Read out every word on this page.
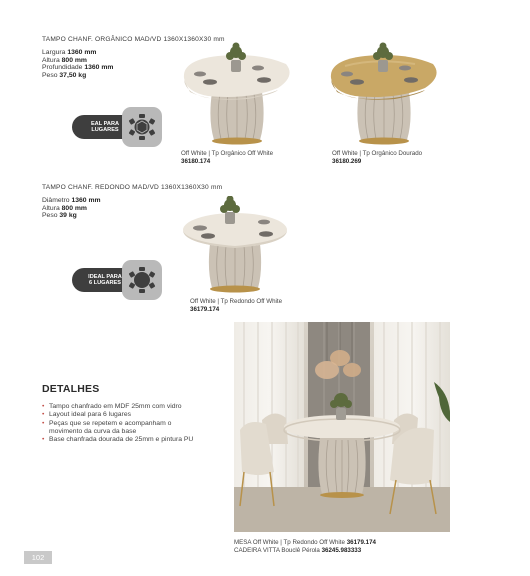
TAMPO CHANF. ORGÂNICO MAD/VD 1360X1360X30 mm
Largura 1360 mm
Altura 800 mm
Profundidade 1360 mm
Peso 37,50 kg
EAL PARA
LUGARES
Off White | Tp Orgânico Off White
36180.174
Off White | Tp Orgânico Dourado
36180.269
TAMPO CHANF. REDONDO MAD/VD 1360X1360X30 mm
Diâmetro 1360 mm
Altura 800 mm
Peso 39 kg
IDEAL PARA
6 LUGARES
Off White | Tp Redondo Off White
36179.174
DETALHES
• Tampo chanfrado em MDF 25mm com vidro
• Layout ideal para 6 lugares
• Peças que se repetem e acompanham o
movimento da curva da base
• Base chanfrada dourada de 25mm e pintura PU
MESA Off White | Tp Redondo Off White 36179.174
CADEIRA VITTA Bouclê Pérola 36245.983333
102
